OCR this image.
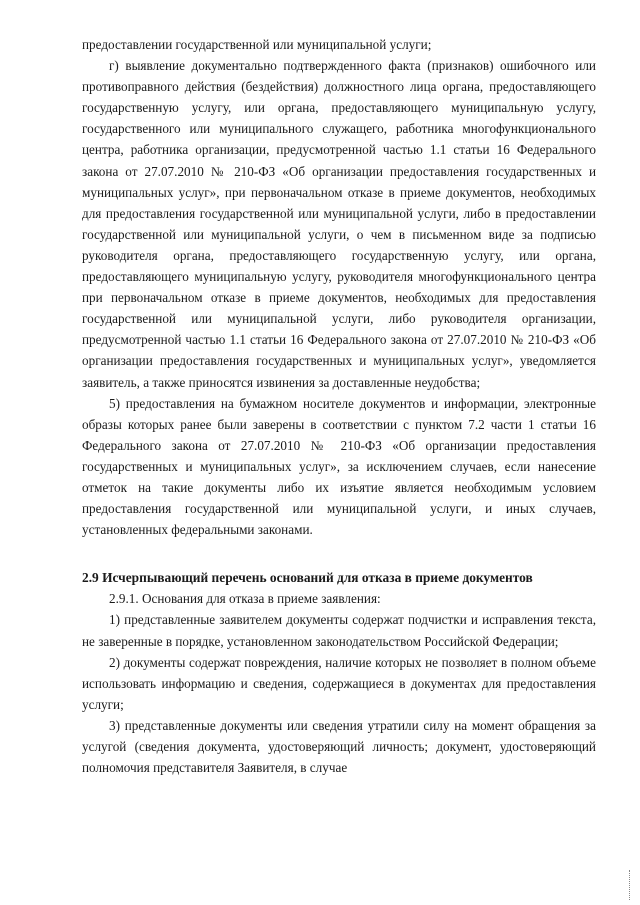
предоставлении государственной или муниципальной услуги;

г) выявление документально подтвержденного факта (признаков) ошибочного или противоправного действия (бездействия) должностного лица органа, предоставляющего государственную услугу, или органа, предоставляющего муниципальную услугу, государственного или муниципального служащего, работника многофункционального центра, работника организации, предусмотренной частью 1.1 статьи 16 Федерального закона от 27.07.2010 № 210-ФЗ «Об организации предоставления государственных и муниципальных услуг», при первоначальном отказе в приеме документов, необходимых для предоставления государственной или муниципальной услуги, либо в предоставлении государственной или муниципальной услуги, о чем в письменном виде за подписью руководителя органа, предоставляющего государственную услугу, или органа, предоставляющего муниципальную услугу, руководителя многофункционального центра при первоначальном отказе в приеме документов, необходимых для предоставления государственной или муниципальной услуги, либо руководителя организации, предусмотренной частью 1.1 статьи 16 Федерального закона от 27.07.2010 № 210-ФЗ «Об организации предоставления государственных и муниципальных услуг», уведомляется заявитель, а также приносятся извинения за доставленные неудобства;

5) предоставления на бумажном носителе документов и информации, электронные образы которых ранее были заверены в соответствии с пунктом 7.2 части 1 статьи 16 Федерального закона от 27.07.2010 № 210-ФЗ «Об организации предоставления государственных и муниципальных услуг», за исключением случаев, если нанесение отметок на такие документы либо их изъятие является необходимым условием предоставления государственной или муниципальной услуги, и иных случаев, установленных федеральными законами.

2.9 Исчерпывающий перечень оснований для отказа в приеме документов

2.9.1. Основания для отказа в приеме заявления:

1) представленные заявителем документы содержат подчистки и исправления текста, не заверенные в порядке, установленном законодательством Российской Федерации;

2) документы содержат повреждения, наличие которых не позволяет в полном объеме использовать информацию и сведения, содержащиеся в документах для предоставления услуги;

3) представленные документы или сведения утратили силу на момент обращения за услугой (сведения документа, удостоверяющий личность; документ, удостоверяющий полномочия представителя Заявителя, в случае
